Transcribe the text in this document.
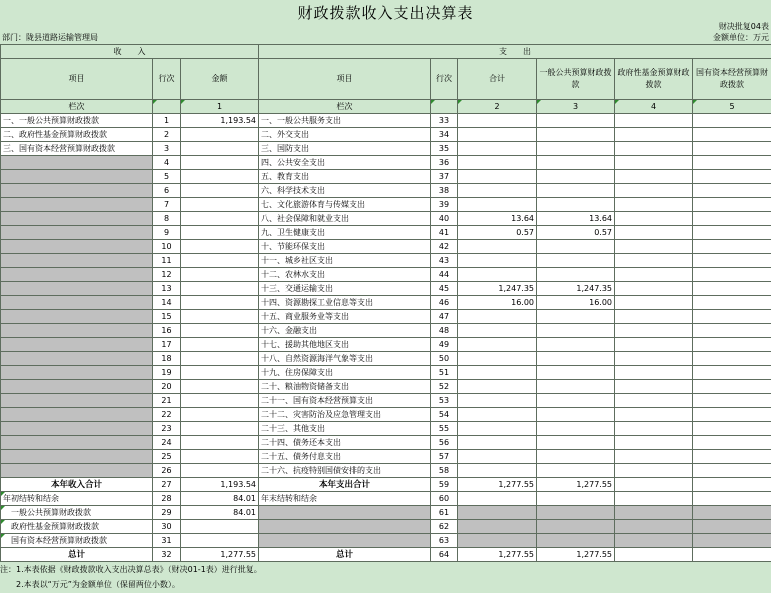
财政拨款收入支出决算表
财决批复04表
部门：陇县道路运输管理局	金额单位：万元
收　　入			支　　出					
项目	行次	金额	项目	行次	合计	一般公共预算财政拨款	政府性基金预算财政拨款	国有资本经营预算财政拨款
栏次		1	栏次		2	3	4	5
一、一般公共预算财政拨款	1	1,193.54	一、一般公共服务支出	33				
二、政府性基金预算财政拨款	2		二、外交支出	34				
三、国有资本经营预算财政拨款	3		三、国防支出	35				
	4		四、公共安全支出	36				
	5		五、教育支出	37				
	6		六、科学技术支出	38				
	7		七、文化旅游体育与传媒支出	39				
	8		八、社会保障和就业支出	40	13.64	13.64		
	9		九、卫生健康支出	41	0.57	0.57		
	10		十、节能环保支出	42				
	11		十一、城乡社区支出	43				
	12		十二、农林水支出	44				
	13		十三、交通运输支出	45	1,247.35	1,247.35		
	14		十四、资源勘探工业信息等支出	46	16.00	16.00		
	15		十五、商业服务业等支出	47				
	16		十六、金融支出	48				
	17		十七、援助其他地区支出	49				
	18		十八、自然资源海洋气象等支出	50				
	19		十九、住房保障支出	51				
	20		二十、粮油物资储备支出	52				
	21		二十一、国有资本经营预算支出	53				
	22		二十二、灾害防治及应急管理支出	54				
	23		二十三、其他支出	55				
	24		二十四、债务还本支出	56				
	25		二十五、债务付息支出	57				
	26		二十六、抗疫特别国债安排的支出	58				
本年收入合计	27	1,193.54	本年支出合计	59	1,277.55	1,277.55		
年初结转和结余	28	84.01	年末结转和结余	60				
一般公共预算财政拨款	29	84.01		61				
政府性基金预算财政拨款	30			62				
国有资本经营预算财政拨款	31			63				
总计	32	1,277.55	总计	64	1,277.55	1,277.55		
注：1.本表依据《财政拨款收入支出决算总表》（财决01-1表）进行批复。
　　2.本表以“万元”为金额单位（保留两位小数）。
